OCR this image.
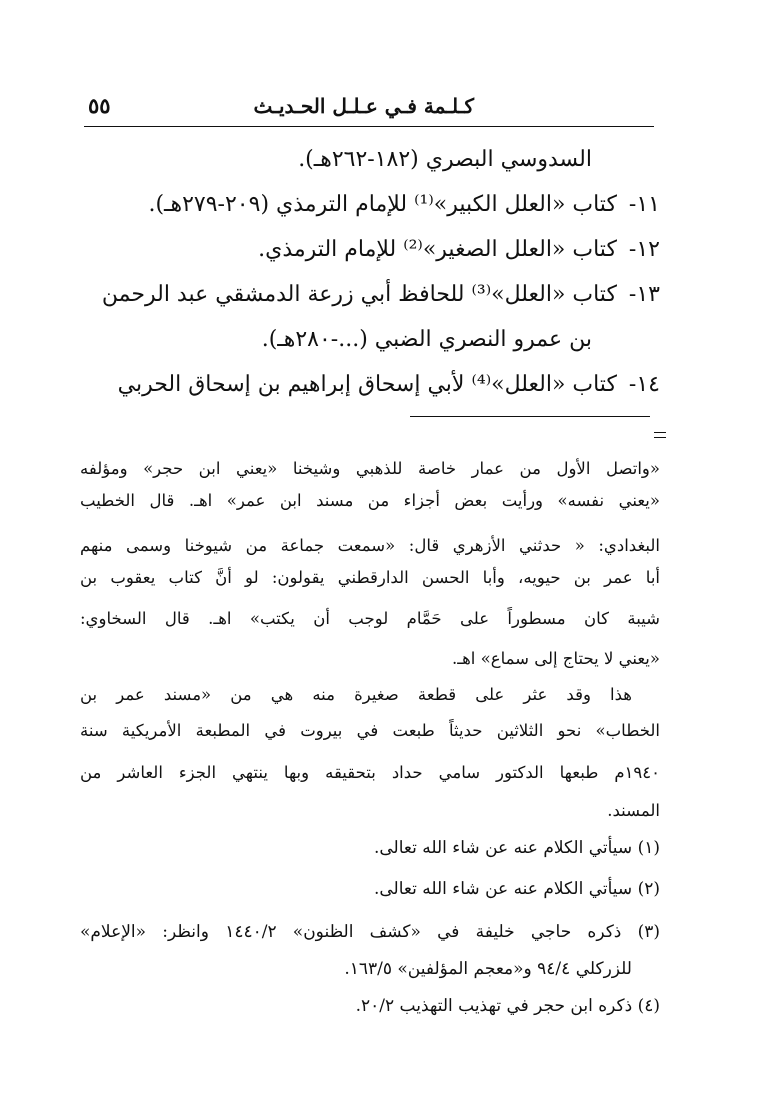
٥٥	كـلـمة فـي عـلـل الحـديـث
السدوسي البصري (١٨٢-٢٦٢هـ).
١١-كتاب «العلل الكبير»⁽¹⁾ للإمام الترمذي (٢٠٩-٢٧٩هـ).
١٢-كتاب «العلل الصغير»⁽²⁾ للإمام الترمذي.
١٣-كتاب «العلل»⁽³⁾ للحافظ أبي زرعة الدمشقي عبد الرحمن
بن عمرو النصري الضبي (...-٢٨٠هـ).
١٤-كتاب «العلل»⁽⁴⁾ لأبي إسحاق إبراهيم بن إسحاق الحربي
«واتصل الأول من عمار خاصة للذهبي وشيخنا «يعني ابن حجر» ومؤلفه
«يعني نفسه» ورأيت بعض أجزاء من مسند ابن عمر» اهـ. قال الخطيب
البغدادي: « حدثني الأزهري قال: «سمعت جماعة من شيوخنا وسمى منهم
أبا عمر بن حيويه، وأبا الحسن الدارقطني يقولون: لو أنَّ كتاب يعقوب بن
شيبة كان مسطوراً على حَمَّام لوجب أن يكتب» اهـ. قال السخاوي:
«يعني لا يحتاج إلى سماع» اهـ.
هذا وقد عثر على قطعة صغيرة منه هي من «مسند عمر بن
الخطاب» نحو الثلاثين حديثاً طبعت في بيروت في المطبعة الأمريكية سنة
١٩٤٠م طبعها الدكتور سامي حداد بتحقيقه وبها ينتهي الجزء العاشر من
المسند.
(١) سيأتي الكلام عنه عن شاء الله تعالى.
(٢) سيأتي الكلام عنه عن شاء الله تعالى.
(٣) ذكره حاجي خليفة في «كشف الظنون» ١٤٤٠/٢ وانظر: «الإعلام»
للزركلي ٩٤/٤ و«معجم المؤلفين» ١٦٣/٥.
(٤) ذكره ابن حجر في تهذيب التهذيب ٢٠/٢.
